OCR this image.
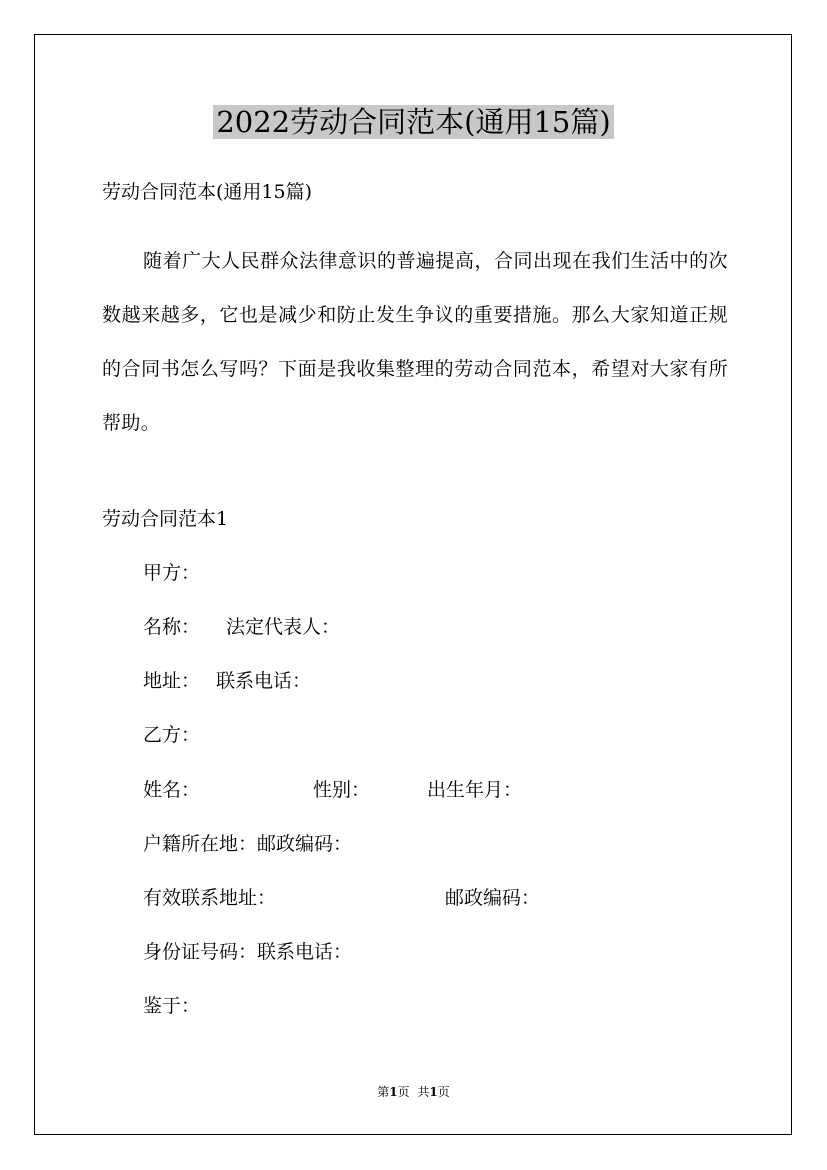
2022劳动合同范本(通用15篇)
劳动合同范本(通用15篇)
随着广大人民群众法律意识的普遍提高，合同出现在我们生活中的次数越来越多，它也是减少和防止发生争议的重要措施。那么大家知道正规的合同书怎么写吗？下面是我收集整理的劳动合同范本，希望对大家有所帮助。
劳动合同范本1
甲方：
名称： 法定代表人：
地址： 联系电话：
乙方：
姓名：	性别：	出生年月：
户籍所在地：邮政编码：
有效联系地址：	邮政编码：
身份证号码：联系电话：
鉴于：
第1页 共1页
